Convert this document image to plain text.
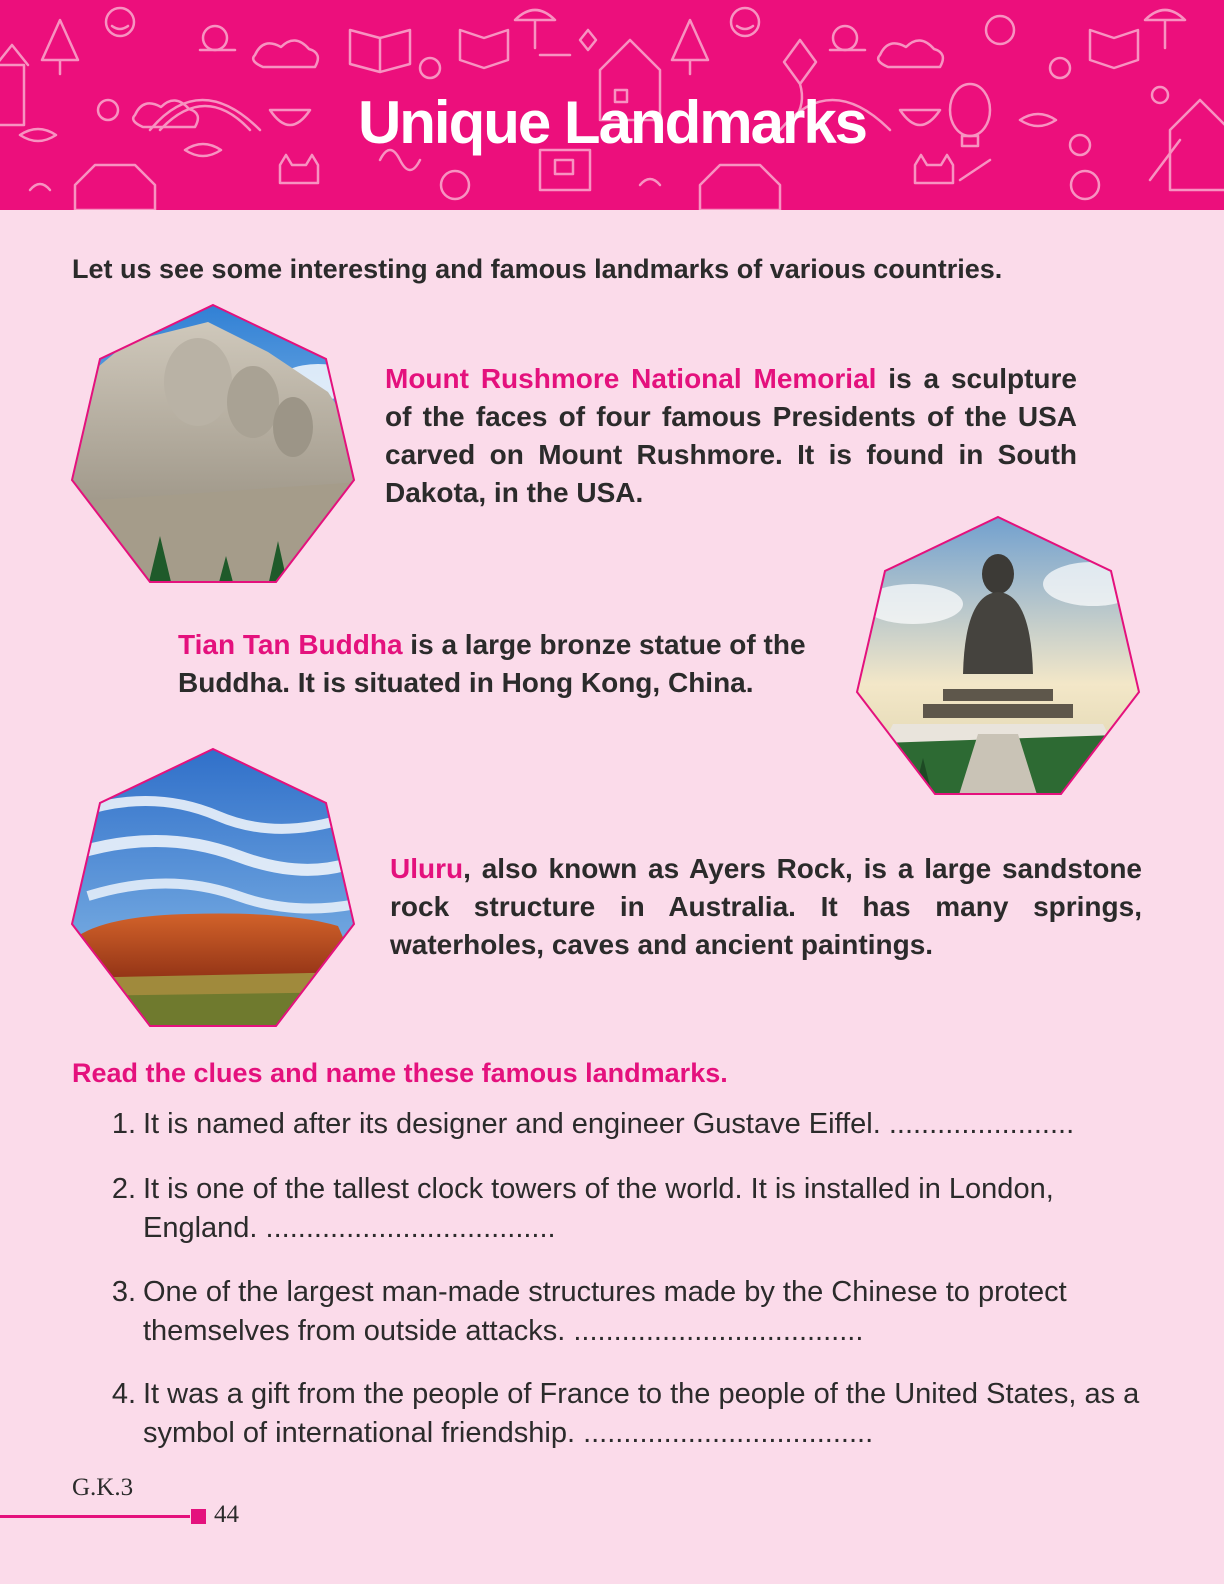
Unique Landmarks
Let us see some interesting and famous landmarks of various countries.
Mount Rushmore National Memorial is a sculpture of the faces of four famous Presidents of the USA carved on Mount Rushmore. It is found in South Dakota, in the USA.
Tian Tan Buddha is a large bronze statue of the Buddha. It is situated in Hong Kong, China.
Uluru, also known as Ayers Rock, is a large sandstone rock structure in Australia. It has many springs, waterholes, caves and ancient paintings.
Read the clues and name these famous landmarks.
1. It is named after its designer and engineer Gustave Eiffel. .......................
2. It is one of the tallest clock towers of the world. It is installed in London, England. ....................................
3. One of the largest man-made structures made by the Chinese to protect themselves from outside attacks. ....................................
4. It was a gift from the people of France to the people of the United States, as a symbol of international friendship. ....................................
G.K.3
44
